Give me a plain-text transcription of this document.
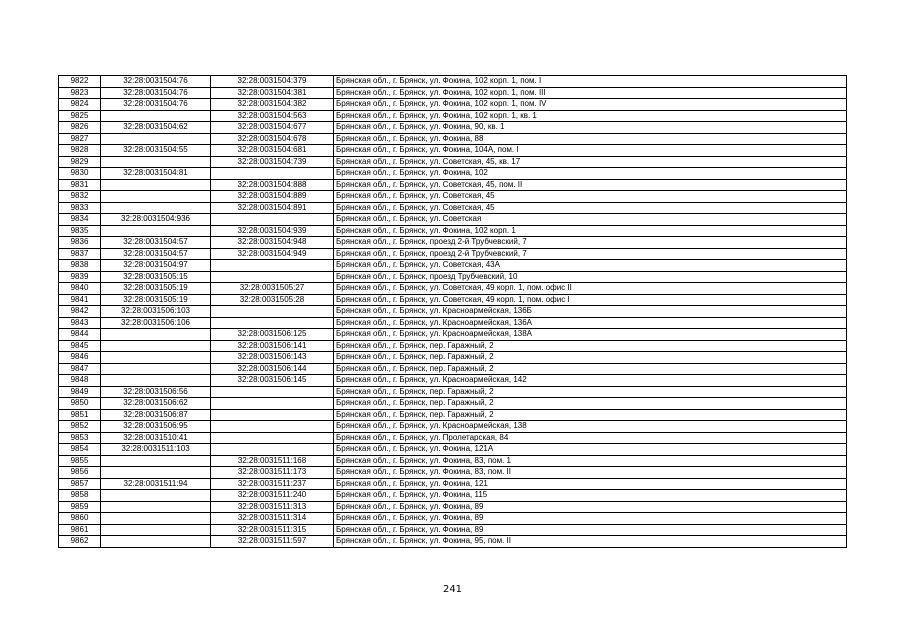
9822	32:28:0031504:76	32:28:0031504:379	Брянская обл., г. Брянск, ул. Фокина, 102 корп. 1, пом. I
9823	32:28:0031504:76	32:28:0031504:381	Брянская обл., г. Брянск, ул. Фокина, 102 корп. 1, пом. III
9824	32:28:0031504:76	32:28:0031504:382	Брянская обл., г. Брянск, ул. Фокина, 102 корп. 1, пом. IV
9825		32:28:0031504:563	Брянская обл., г. Брянск, ул. Фокина, 102 корп. 1, кв. 1
9826	32:28:0031504:62	32:28:0031504:677	Брянская обл., г. Брянск, ул. Фокина, 90, кв. 1
9827		32:28:0031504:678	Брянская обл., г. Брянск, ул. Фокина, 88
9828	32:28:0031504:55	32:28:0031504:681	Брянская обл., г. Брянск, ул. Фокина, 104А, пом. I
9829		32:28:0031504:739	Брянская обл., г. Брянск, ул. Советская, 45, кв. 17
9830	32:28:0031504:81		Брянская обл., г. Брянск, ул. Фокина, 102
9831		32:28:0031504:888	Брянская обл., г. Брянск, ул. Советская, 45, пом. II
9832		32:28:0031504:889	Брянская обл., г. Брянск, ул. Советская, 45
9833		32:28:0031504:891	Брянская обл., г. Брянск, ул. Советская, 45
9834	32:28:0031504:936		Брянская обл., г. Брянск, ул. Советская
9835		32:28:0031504:939	Брянская обл., г. Брянск, ул. Фокина, 102 корп. 1
9836	32:28:0031504:57	32:28:0031504:948	Брянская обл., г. Брянск, проезд 2-й Трубчевский, 7
9837	32:28:0031504:57	32:28:0031504:949	Брянская обл., г. Брянск, проезд 2-й Трубчевский, 7
9838	32:28:0031504:97		Брянская обл., г. Брянск, ул. Советская, 43А
9839	32:28:0031505:15		Брянская обл., г. Брянск, проезд Трубчевский, 10
9840	32:28:0031505:19	32:28:0031505:27	Брянская обл., г. Брянск, ул. Советская, 49 корп. 1, пом. офис II
9841	32:28:0031505:19	32:28:0031505:28	Брянская обл., г. Брянск, ул. Советская, 49 корп. 1, пом. офис I
9842	32:28:0031506:103		Брянская обл., г. Брянск, ул. Красноармейская, 136Б
9843	32:28:0031506:106		Брянская обл., г. Брянск, ул. Красноармейская, 136А
9844		32:28:0031506:125	Брянская обл., г. Брянск, ул. Красноармейская, 138А
9845		32:28:0031506:141	Брянская обл., г. Брянск, пер. Гаражный, 2
9846		32:28:0031506:143	Брянская обл., г. Брянск, пер. Гаражный, 2
9847		32:28:0031506:144	Брянская обл., г. Брянск, пер. Гаражный, 2
9848		32:28:0031506:145	Брянская обл., г. Брянск, ул. Красноармейская, 142
9849	32:28:0031506:56		Брянская обл., г. Брянск, пер. Гаражный, 2
9850	32:28:0031506:62		Брянская обл., г. Брянск, пер. Гаражный, 2
9851	32:28:0031506:87		Брянская обл., г. Брянск, пер. Гаражный, 2
9852	32:28:0031506:95		Брянская обл., г. Брянск, ул. Красноармейская, 138
9853	32:28:0031510:41		Брянская обл., г. Брянск, ул. Пролетарская, 84
9854	32:28:0031511:103		Брянская обл., г. Брянск, ул. Фокина, 121А
9855		32:28:0031511:168	Брянская обл., г. Брянск, ул. Фокина, 83, пом. 1
9856		32:28:0031511:173	Брянская обл., г. Брянск, ул. Фокина, 83, пом. II
9857	32:28:0031511:94	32:28:0031511:237	Брянская обл., г. Брянск, ул. Фокина, 121
9858		32:28:0031511:240	Брянская обл., г. Брянск, ул. Фокина, 115
9859		32:28:0031511:313	Брянская обл., г. Брянск, ул. Фокина, 89
9860		32:28:0031511:314	Брянская обл., г. Брянск, ул. Фокина, 89
9861		32:28:0031511:315	Брянская обл., г. Брянск, ул. Фокина, 89
9862		32:28:0031511:597	Брянская обл., г. Брянск, ул. Фокина, 95, пом. II
241
